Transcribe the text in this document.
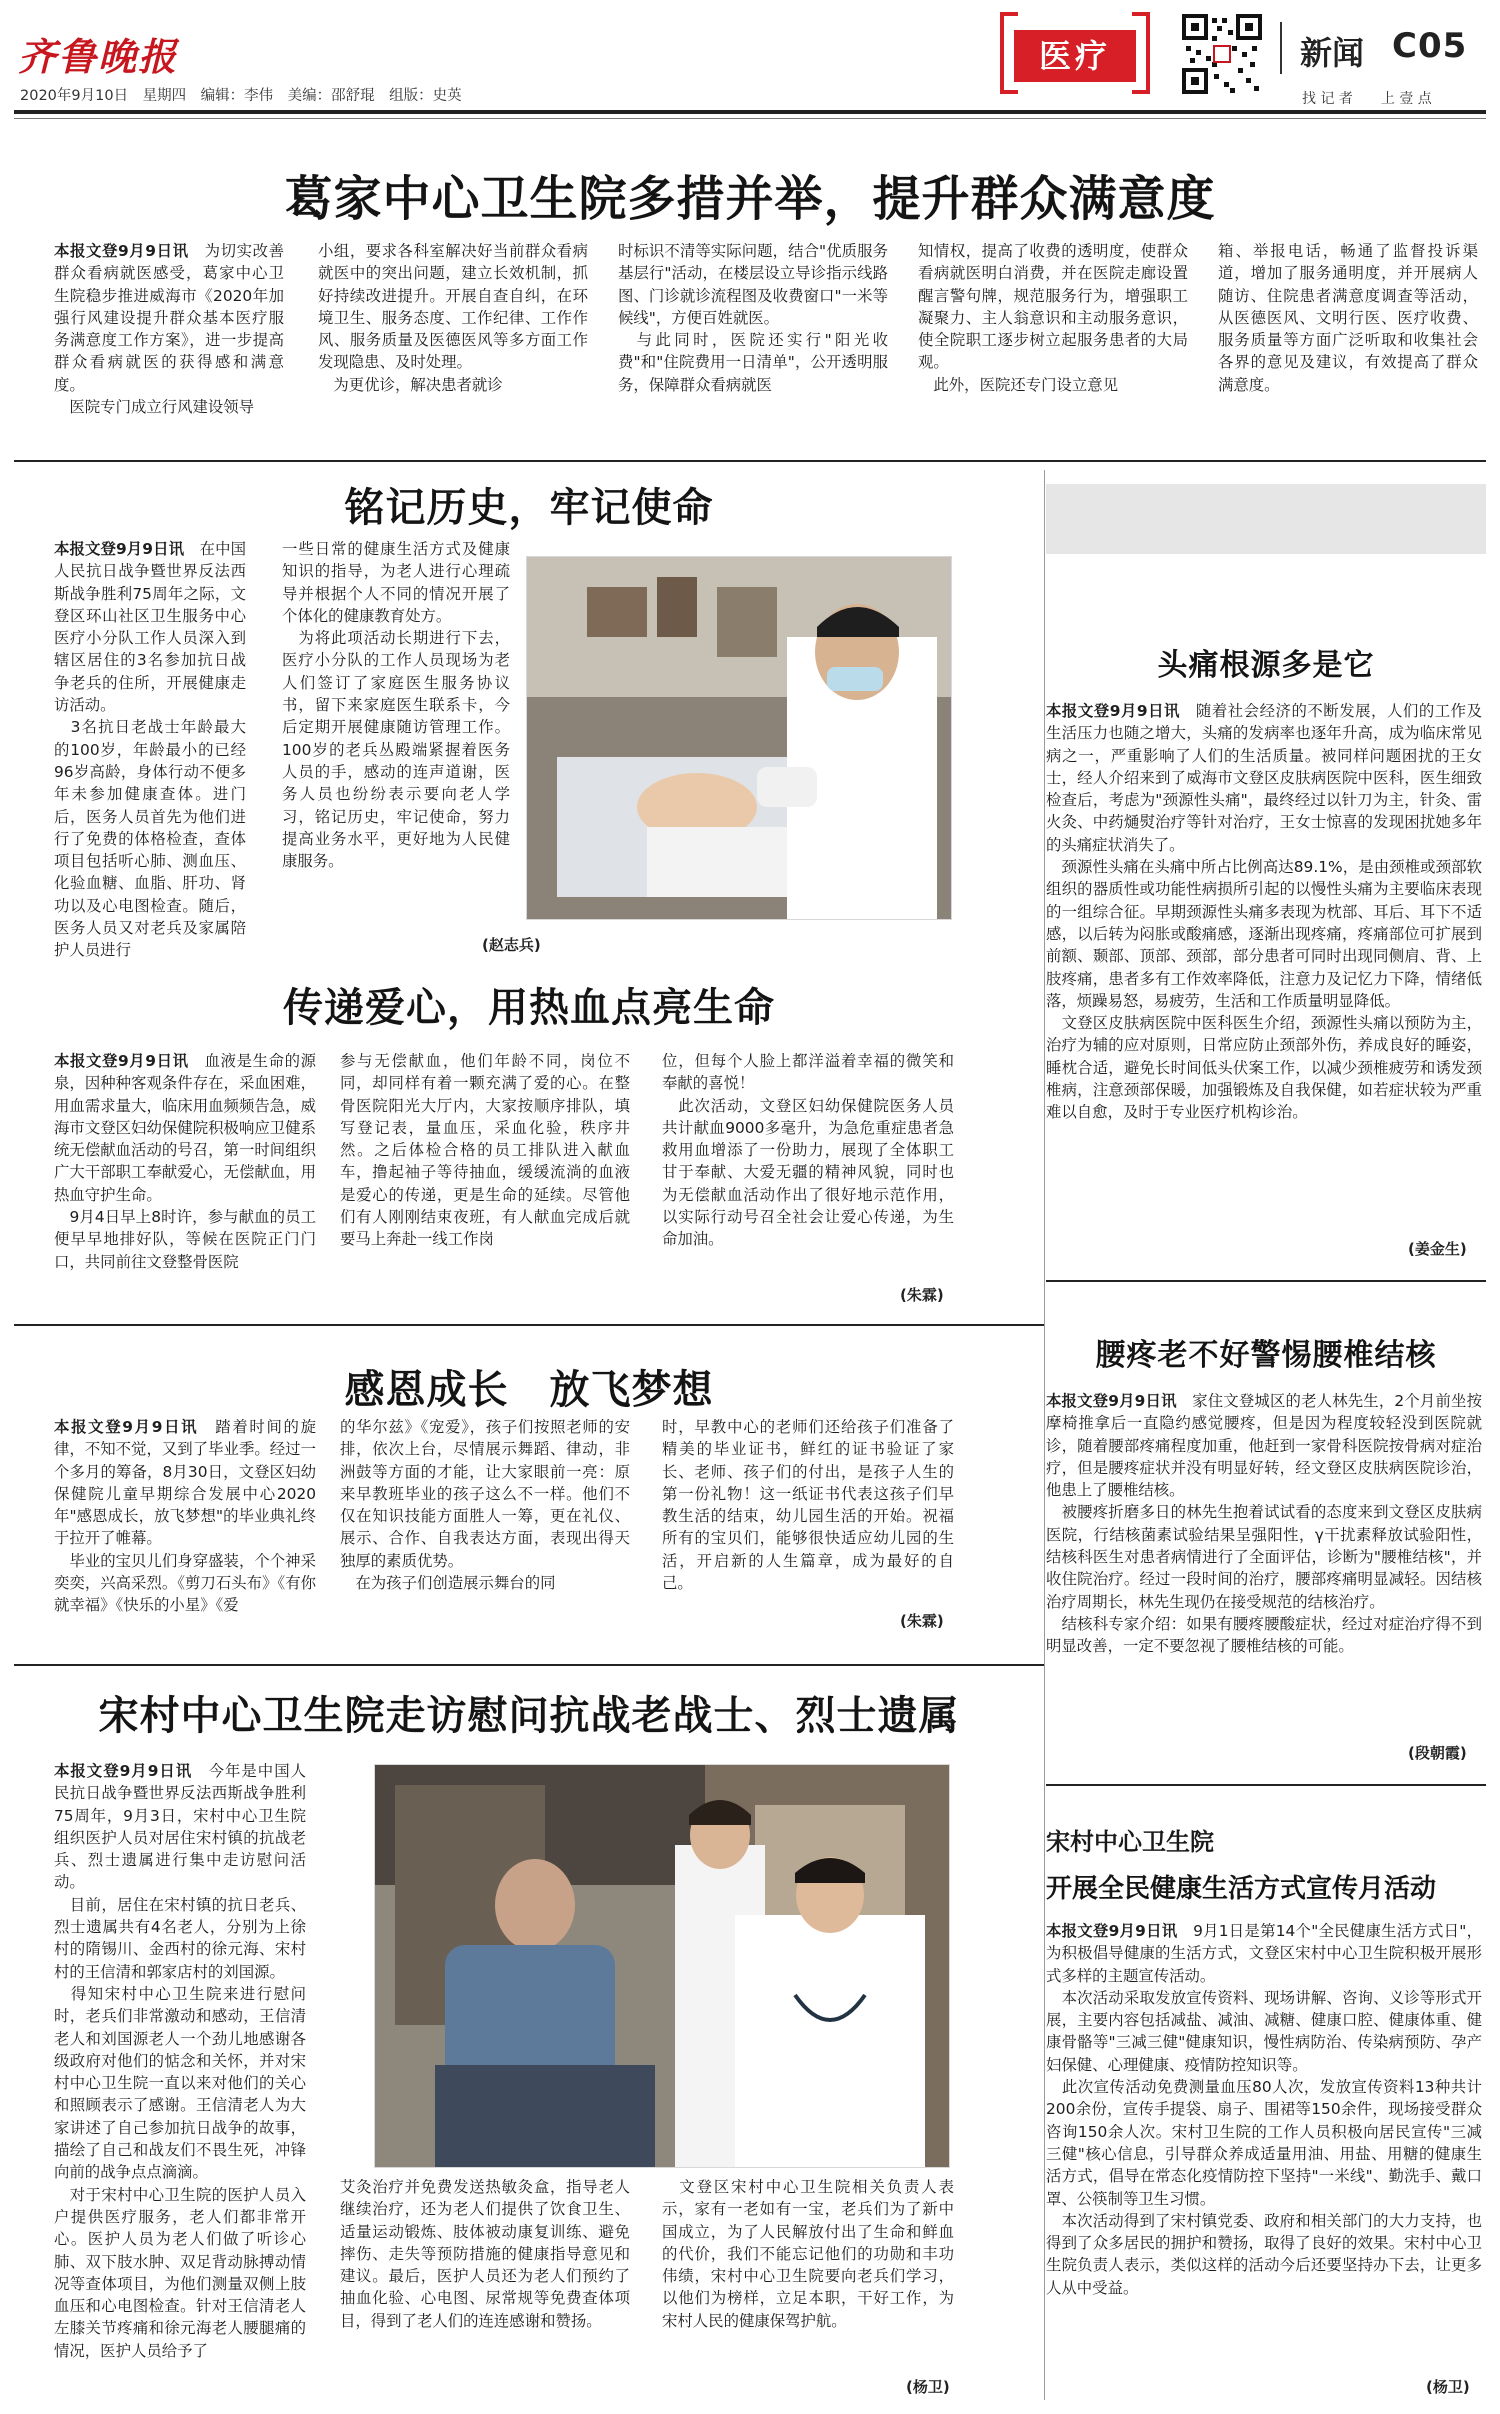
齐鲁晚报
2020年9月10日　星期四　编辑：李伟　美编：邵舒琨　组版：史英
医疗	新闻 C05
找 记 者　　上 壹 点
葛家中心卫生院多措并举，提升群众满意度
本报文登9月9日讯　为切实改善群众看病就医感受，葛家中心卫生院稳步推进威海市《2020年加强行风建设提升群众基本医疗服务满意度工作方案》，进一步提高群众看病就医的获得感和满意度。
　医院专门成立行风建设领导
小组，要求各科室解决好当前群众看病就医中的突出问题，建立长效机制，抓好持续改进提升。开展自查自纠，在环境卫生、服务态度、工作纪律、工作作风、服务质量及医德医风等多方面工作发现隐患、及时处理。
　为更优诊，解决患者就诊
时标识不清等实际问题，结合"优质服务基层行"活动，在楼层设立导诊指示线路图、门诊就诊流程图及收费窗口"一米等候线"，方便百姓就医。
　与此同时，医院还实行"阳光收费"和"住院费用一日清单"，公开透明服务，保障群众看病就医
知情权，提高了收费的透明度，使群众看病就医明白消费，并在医院走廊设置醒言警句牌，规范服务行为，增强职工凝聚力、主人翁意识和主动服务意识，使全院职工逐步树立起服务患者的大局观。
　此外，医院还专门设立意见
箱、举报电话，畅通了监督投诉渠道，增加了服务通明度，并开展病人随访、住院患者满意度调查等活动，从医德医风、文明行医、医疗收费、服务质量等方面广泛听取和收集社会各界的意见及建议，有效提高了群众满意度。
铭记历史，牢记使命
本报文登9月9日讯　在中国人民抗日战争暨世界反法西斯战争胜利75周年之际，文登区环山社区卫生服务中心医疗小分队工作人员深入到辖区居住的3名参加抗日战争老兵的住所，开展健康走访活动。
　3名抗日老战士年龄最大的100岁，年龄最小的已经96岁高龄，身体行动不便多年未参加健康查体。进门后，医务人员首先为他们进行了免费的体格检查，查体项目包括听心肺、测血压、化验血糖、血脂、肝功、肾功以及心电图检查。随后，医务人员又对老兵及家属陪护人员进行
一些日常的健康生活方式及健康知识的指导，为老人进行心理疏导并根据个人不同的情况开展了个体化的健康教育处方。
　为将此项活动长期进行下去，医疗小分队的工作人员现场为老人们签订了家庭医生服务协议书，留下来家庭医生联系卡，今后定期开展健康随访管理工作。100岁的老兵丛殿端紧握着医务人员的手，感动的连声道谢，医务人员也纷纷表示要向老人学习，铭记历史，牢记使命，努力提高业务水平，更好地为人民健康服务。
(赵志兵)
传递爱心，用热血点亮生命
本报文登9月9日讯　血液是生命的源泉，因种种客观条件存在，采血困难，用血需求量大，临床用血频频告急，威海市文登区妇幼保健院积极响应卫健系统无偿献血活动的号召，第一时间组织广大干部职工奉献爱心，无偿献血，用热血守护生命。
　9月4日早上8时许，参与献血的员工便早早地排好队，等候在医院正门门口，共同前往文登整骨医院
参与无偿献血，他们年龄不同，岗位不同，却同样有着一颗充满了爱的心。在整骨医院阳光大厅内，大家按顺序排队，填写登记表，量血压，采血化验，秩序井然。之后体检合格的员工排队进入献血车，撸起袖子等待抽血，缓缓流淌的血液是爱心的传递，更是生命的延续。尽管他们有人刚刚结束夜班，有人献血完成后就要马上奔赴一线工作岗
位，但每个人脸上都洋溢着幸福的微笑和奉献的喜悦！
　此次活动，文登区妇幼保健院医务人员共计献血9000多毫升，为急危重症患者急救用血增添了一份助力，展现了全体职工甘于奉献、大爱无疆的精神风貌，同时也为无偿献血活动作出了很好地示范作用，以实际行动号召全社会让爱心传递，为生命加油。
(朱霖)
感恩成长　放飞梦想
本报文登9月9日讯　踏着时间的旋律，不知不觉，又到了毕业季。经过一个多月的筹备，8月30日，文登区妇幼保健院儿童早期综合发展中心2020年"感恩成长，放飞梦想"的毕业典礼终于拉开了帷幕。
　毕业的宝贝儿们身穿盛装，个个神采奕奕，兴高采烈。《剪刀石头布》《有你就幸福》《快乐的小星》《爱
的华尔兹》《宠爱》，孩子们按照老师的安排，依次上台，尽情展示舞蹈、律动，非洲鼓等方面的才能，让大家眼前一亮：原来早教班毕业的孩子这么不一样。他们不仅在知识技能方面胜人一筹，更在礼仪、展示、合作、自我表达方面，表现出得天独厚的素质优势。
　在为孩子们创造展示舞台的同
时，早教中心的老师们还给孩子们准备了精美的毕业证书，鲜红的证书验证了家长、老师、孩子们的付出，是孩子人生的第一份礼物！这一纸证书代表这孩子们早教生活的结束，幼儿园生活的开始。祝福所有的宝贝们，能够很快适应幼儿园的生活，开启新的人生篇章，成为最好的自己。
(朱霖)
宋村中心卫生院走访慰问抗战老战士、烈士遗属
本报文登9月9日讯　今年是中国人民抗日战争暨世界反法西斯战争胜利75周年，9月3日，宋村中心卫生院组织医护人员对居住宋村镇的抗战老兵、烈士遗属进行集中走访慰问活动。
　目前，居住在宋村镇的抗日老兵、烈士遗属共有4名老人，分别为上徐村的隋锡川、金西村的徐元海、宋村村的王信清和郭家店村的刘国源。
　得知宋村中心卫生院来进行慰问时，老兵们非常激动和感动，王信清老人和刘国源老人一个劲儿地感谢各级政府对他们的惦念和关怀，并对宋村中心卫生院一直以来对他们的关心和照顾表示了感谢。王信清老人为大家讲述了自己参加抗日战争的故事，描绘了自己和战友们不畏生死，冲锋向前的战争点点滴滴。
　对于宋村中心卫生院的医护人员入户提供医疗服务，老人们都非常开心。医护人员为老人们做了听诊心肺、双下肢水肿、双足背动脉搏动情况等查体项目，为他们测量双侧上肢血压和心电图检查。针对王信清老人左膝关节疼痛和徐元海老人腰腿痛的情况，医护人员给予了
艾灸治疗并免费发送热敏灸盒，指导老人继续治疗，还为老人们提供了饮食卫生、适量运动锻炼、肢体被动康复训练、避免摔伤、走失等预防措施的健康指导意见和建议。最后，医护人员还为老人们预约了抽血化验、心电图、尿常规等免费查体项目，得到了老人们的连连感谢和赞扬。
　文登区宋村中心卫生院相关负责人表示，家有一老如有一宝，老兵们为了新中国成立，为了人民解放付出了生命和鲜血的代价，我们不能忘记他们的功勋和丰功伟绩，宋村中心卫生院要向老兵们学习，以他们为榜样，立足本职，干好工作，为宋村人民的健康保驾护航。
(杨卫)
头痛根源多是它
本报文登9月9日讯　随着社会经济的不断发展，人们的工作及生活压力也随之增大，头痛的发病率也逐年升高，成为临床常见病之一，严重影响了人们的生活质量。被同样问题困扰的王女士，经人介绍来到了威海市文登区皮肤病医院中医科，医生细致检查后，考虑为"颈源性头痛"，最终经过以针刀为主，针灸、雷火灸、中药熥熨治疗等针对治疗，王女士惊喜的发现困扰她多年的头痛症状消失了。
　颈源性头痛在头痛中所占比例高达89.1%，是由颈椎或颈部软组织的器质性或功能性病损所引起的以慢性头痛为主要临床表现的一组综合征。早期颈源性头痛多表现为枕部、耳后、耳下不适感，以后转为闷胀或酸痛感，逐渐出现疼痛，疼痛部位可扩展到前额、颞部、顶部、颈部，部分患者可同时出现同侧肩、背、上肢疼痛，患者多有工作效率降低，注意力及记忆力下降，情绪低落，烦躁易怒，易疲劳，生活和工作质量明显降低。
　文登区皮肤病医院中医科医生介绍，颈源性头痛以预防为主，治疗为辅的应对原则，日常应防止颈部外伤，养成良好的睡姿，睡枕合适，避免长时间低头伏案工作，以减少颈椎疲劳和诱发颈椎病，注意颈部保暖，加强锻炼及自我保健，如若症状较为严重难以自愈，及时于专业医疗机构诊治。
(姜金生)
腰疼老不好警惕腰椎结核
本报文登9月9日讯　家住文登城区的老人林先生，2个月前坐按摩椅推拿后一直隐约感觉腰疼，但是因为程度较轻没到医院就诊，随着腰部疼痛程度加重，他赶到一家骨科医院按骨病对症治疗，但是腰疼症状并没有明显好转，经文登区皮肤病医院诊治，他患上了腰椎结核。
　被腰疼折磨多日的林先生抱着试试看的态度来到文登区皮肤病医院，行结核菌素试验结果呈强阳性，γ干扰素释放试验阳性，结核科医生对患者病情进行了全面评估，诊断为"腰椎结核"，并收住院治疗。经过一段时间的治疗，腰部疼痛明显减轻。因结核治疗周期长，林先生现仍在接受规范的结核治疗。
　结核科专家介绍：如果有腰疼腰酸症状，经过对症治疗得不到明显改善，一定不要忽视了腰椎结核的可能。
(段朝霞)
宋村中心卫生院
开展全民健康生活方式宣传月活动
本报文登9月9日讯　9月1日是第14个"全民健康生活方式日"，为积极倡导健康的生活方式，文登区宋村中心卫生院积极开展形式多样的主题宣传活动。
　本次活动采取发放宣传资料、现场讲解、咨询、义诊等形式开展，主要内容包括减盐、减油、减糖、健康口腔、健康体重、健康骨骼等"三减三健"健康知识，慢性病防治、传染病预防、孕产妇保健、心理健康、疫情防控知识等。
　此次宣传活动免费测量血压80人次，发放宣传资料13种共计200余份，宣传手提袋、扇子、围裙等150余件，现场接受群众咨询150余人次。宋村卫生院的工作人员积极向居民宣传"三减三健"核心信息，引导群众养成适量用油、用盐、用糖的健康生活方式，倡导在常态化疫情防控下坚持"一米线"、勤洗手、戴口罩、公筷制等卫生习惯。
　本次活动得到了宋村镇党委、政府和相关部门的大力支持，也得到了众多居民的拥护和赞扬，取得了良好的效果。宋村中心卫生院负责人表示，类似这样的活动今后还要坚持办下去，让更多人从中受益。
(杨卫)
